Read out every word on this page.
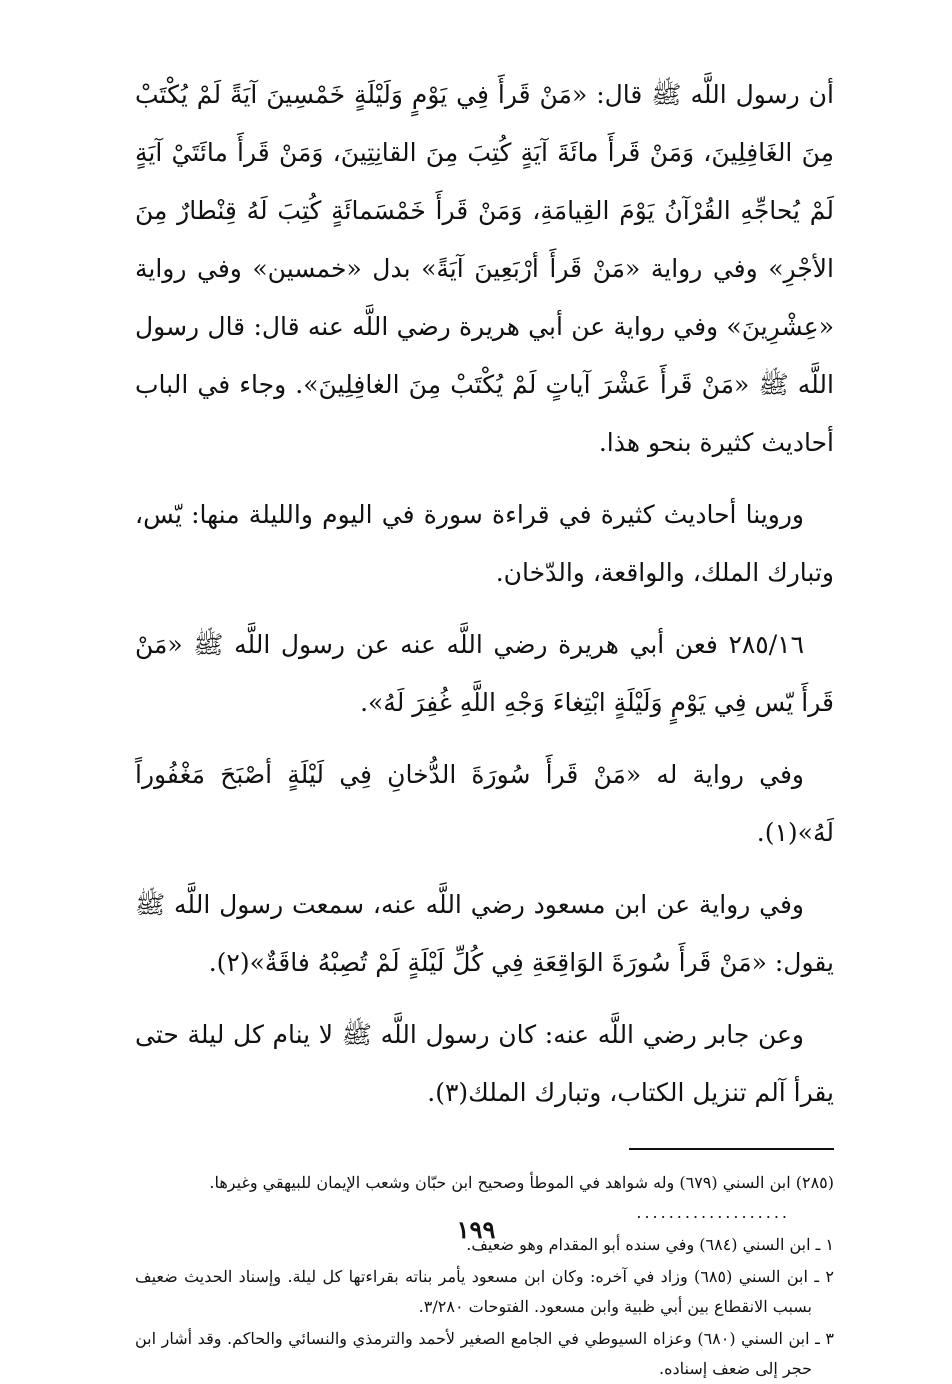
أن رسول اللَّه ﷺ قال: «مَنْ قَرأَ فِي يَوْمٍ وَلَيْلَةٍ خَمْسِينَ آيَةً لَمْ يُكْتَبْ مِنَ الغَافِلِينَ، وَمَنْ قَرأَ مائَةَ آيَةٍ كُتِبَ مِنَ القانِتِينَ، وَمَنْ قَرأَ مائَتَيْ آيَةٍ لَمْ يُحاجِّهِ القُرْآنُ يَوْمَ القِيامَةِ، وَمَنْ قَرأَ خَمْسَمائَةٍ كُتِبَ لَهُ قِنْطارٌ مِنَ الأجْرِ» وفي رواية «مَنْ قَرأَ أرْبَعِينَ آيَةً» بدل «خمسين» وفي رواية «عِشْرِينَ» وفي رواية عن أبي هريرة رضي اللَّه عنه قال: قال رسول اللَّه ﷺ «مَنْ قَرأَ عَشْرَ آياتٍ لَمْ يُكْتَبْ مِنَ الغافِلِينَ». وجاء في الباب أحاديث كثيرة بنحو هذا.

وروينا أحاديث كثيرة في قراءة سورة في اليوم والليلة منها: يّس، وتبارك الملك، والواقعة، والدّخان.

٢٨٥/١٦ فعن أبي هريرة رضي اللَّه عنه عن رسول اللَّه ﷺ «مَنْ قَرأَ يّس فِي يَوْمٍ وَلَيْلَةٍ ابْتِغاءَ وَجْهِ اللَّهِ غُفِرَ لَهُ».

وفي رواية له «مَنْ قَرأَ سُورَةَ الدُّخانِ فِي لَيْلَةٍ أصْبَحَ مَغْفُوراً لَهُ»(١).

وفي رواية عن ابن مسعود رضي اللَّه عنه، سمعت رسول اللَّه ﷺ يقول: «مَنْ قَرأَ سُورَةَ الوَاقِعَةِ فِي كُلِّ لَيْلَةٍ لَمْ تُصِبْهُ فاقَةٌ»(٢).

وعن جابر رضي اللَّه عنه: كان رسول اللَّه ﷺ لا ينام كل ليلة حتى يقرأ آلم تنزيل الكتاب، وتبارك الملك(٣).

(٢٨٥) ابن السني (٦٧٩) وله شواهد في الموطأ وصحيح ابن حبّان وشعب الإيمان للبيهقي وغيرها.

...................

١ ـ ابن السني (٦٨٤) وفي سنده أبو المقدام وهو ضعيف.

٢ ـ ابن السني (٦٨٥) وزاد في آخره: وكان ابن مسعود يأمر بناته بقراءتها كل ليلة. وإسناد الحديث ضعيف بسبب الانقطاع بين أبي ظبية وابن مسعود. الفتوحات ٣/٢٨٠.

٣ ـ ابن السني (٦٨٠) وعزاه السيوطي في الجامع الصغير لأحمد والترمذي والنسائي والحاكم. وقد أشار ابن حجر إلى ضعف إسناده.

١٩٩
